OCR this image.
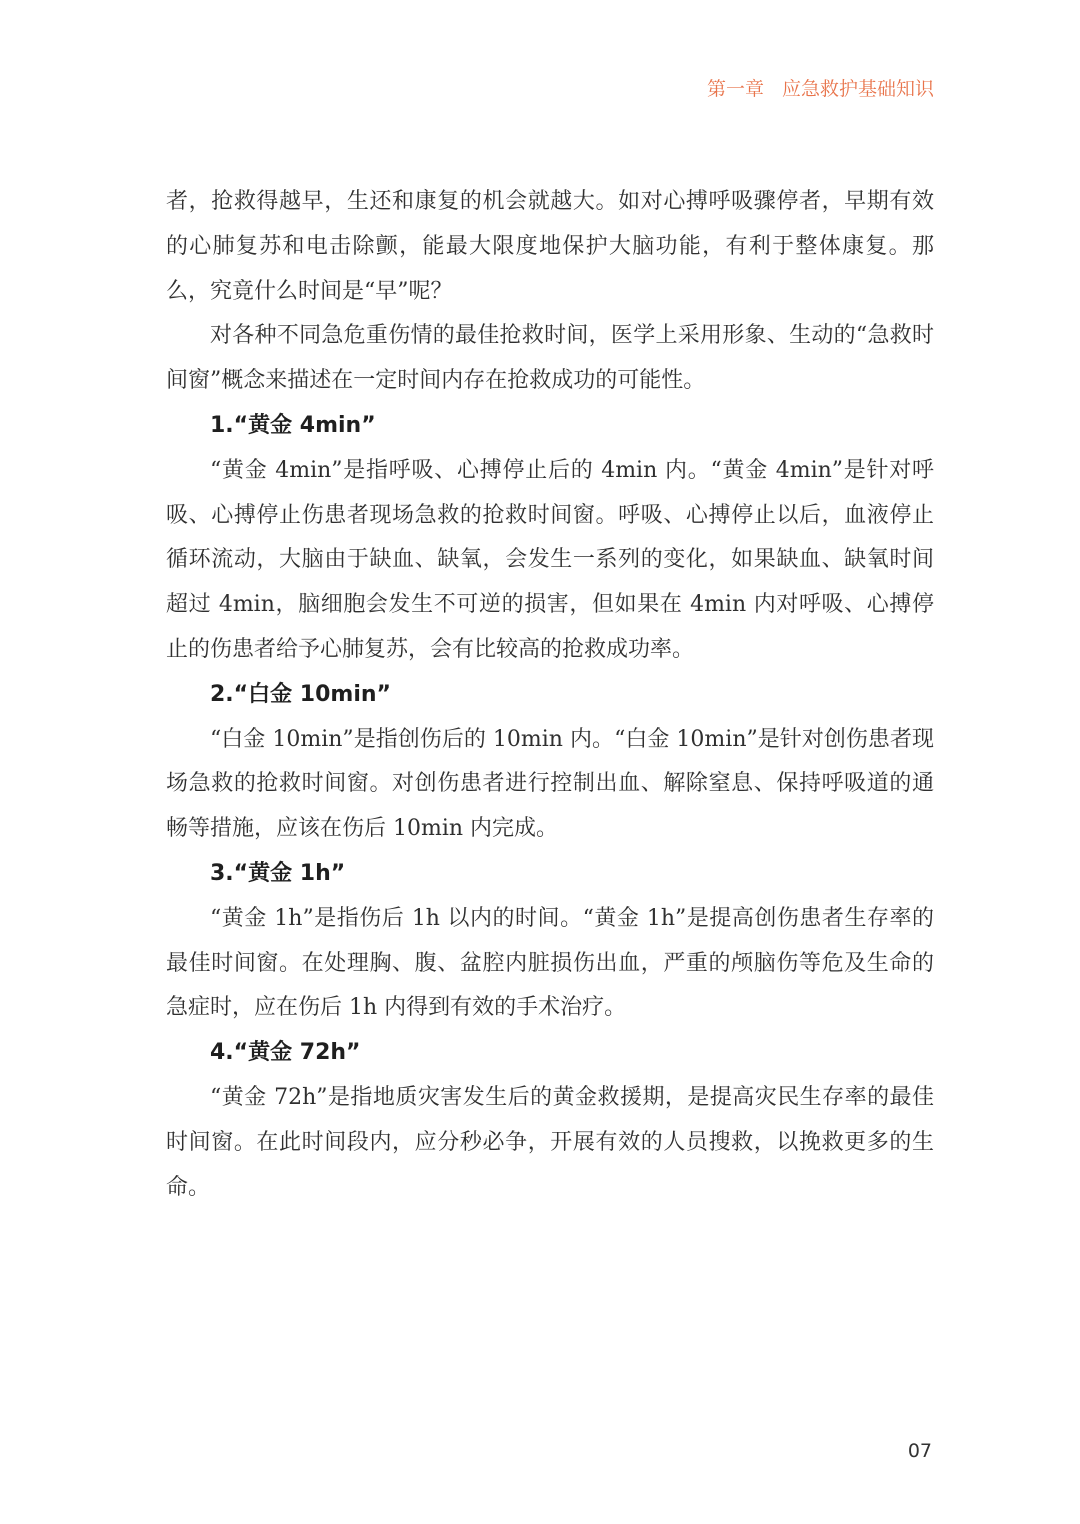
第一章 应急救护基础知识

者，抢救得越早，生还和康复的机会就越大。如对心搏呼吸骤停者，早期有效的心肺复苏和电击除颤，能最大限度地保护大脑功能，有利于整体康复。那么，究竟什么时间是“早”呢？

对各种不同急危重伤情的最佳抢救时间，医学上采用形象、生动的“急救时间窗”概念来描述在一定时间内存在抢救成功的可能性。

1.“黄金 4min”

“黄金 4min”是指呼吸、心搏停止后的 4min 内。“黄金 4min”是针对呼吸、心搏停止伤患者现场急救的抢救时间窗。呼吸、心搏停止以后，血液停止循环流动，大脑由于缺血、缺氧，会发生一系列的变化，如果缺血、缺氧时间超过 4min，脑细胞会发生不可逆的损害，但如果在 4min 内对呼吸、心搏停止的伤患者给予心肺复苏，会有比较高的抢救成功率。

2.“白金 10min”

“白金 10min”是指创伤后的 10min 内。“白金 10min”是针对创伤患者现场急救的抢救时间窗。对创伤患者进行控制出血、解除窒息、保持呼吸道的通畅等措施，应该在伤后 10min 内完成。

3.“黄金 1h”

“黄金 1h”是指伤后 1h 以内的时间。“黄金 1h”是提高创伤患者生存率的最佳时间窗。在处理胸、腹、盆腔内脏损伤出血，严重的颅脑伤等危及生命的急症时，应在伤后 1h 内得到有效的手术治疗。

4.“黄金 72h”

“黄金 72h”是指地质灾害发生后的黄金救援期，是提高灾民生存率的最佳时间窗。在此时间段内，应分秒必争，开展有效的人员搜救，以挽救更多的生命。

07
